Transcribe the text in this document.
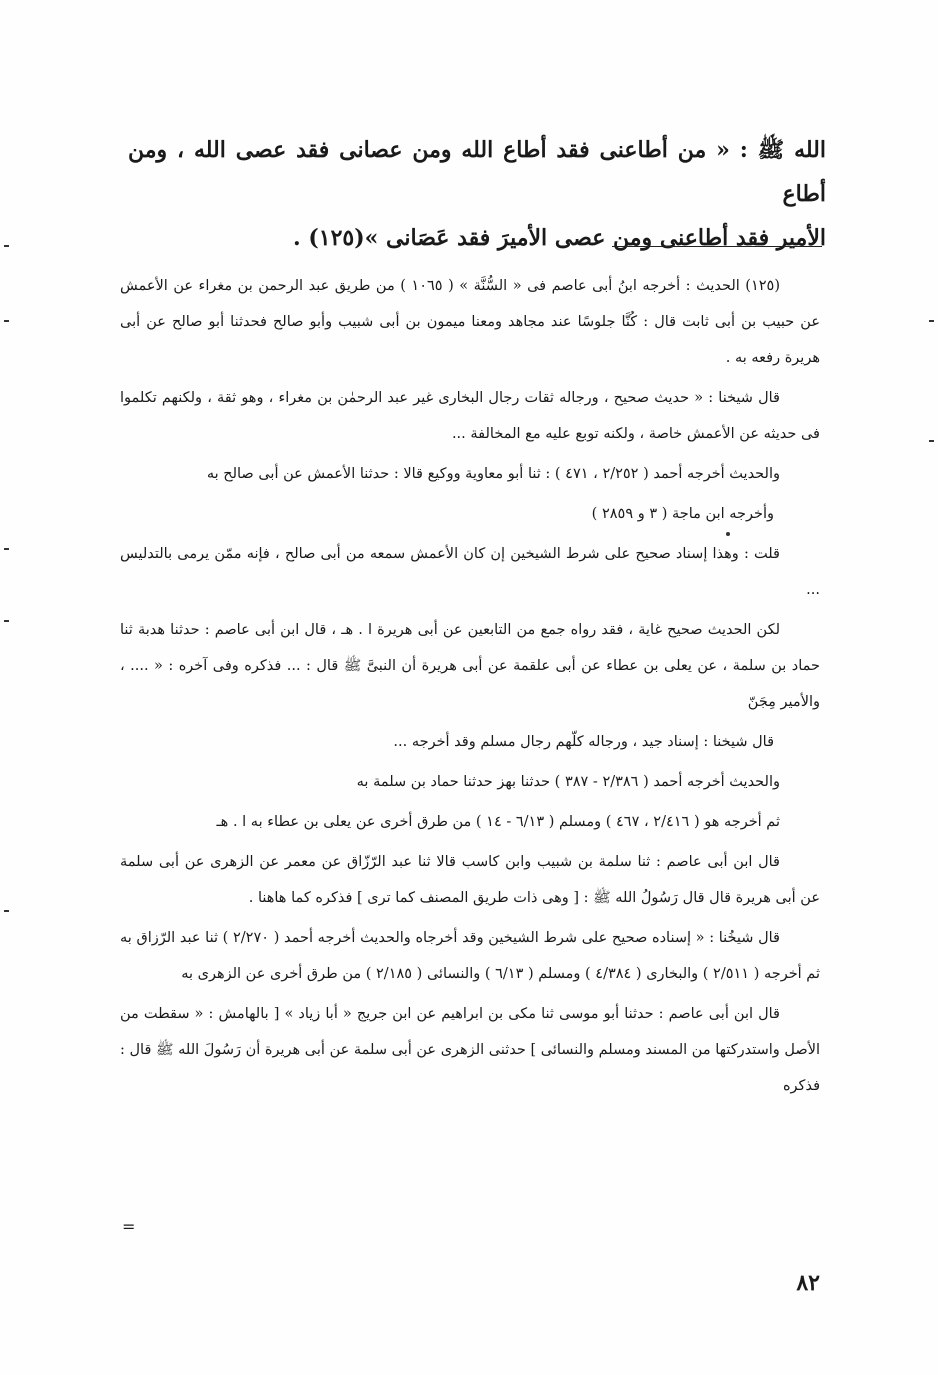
الله ﷺ : « من أطاعنى فقد أطاع الله ومن عصانى فقد عصى الله ، ومن أطاع

الأمير فقد أطاعنى ومن عصى الأميرَ فقد عَصَانى »(١٢٥) .

(١٢٥) الحديث : أخرجه ابنُ أبى عاصم فى « السُّنَّة » ( ١٠٦٥ ) من طريق عبد الرحمن بن مغراء عن الأعمش عن حبيب بن أبى ثابت قال : كُنَّا جلوسًا عند مجاهد ومعنا ميمون بن أبى شبيب وأبو صالح فحدثنا أبو صالح عن أبى هريرة رفعه به .

قال شيخنا : « حديث صحيح ، ورجاله ثقات رجال البخارى غير عبد الرحمٰن بن مغراء ، وهو ثقة ، ولكنهم تكلموا فى حديثه عن الأعمش خاصة ، ولكنه توبع عليه مع المخالفة ...

والحديث أخرجه أحمد ( ٢/٢٥٢ ، ٤٧١ ) : ثنا أبو معاوية ووكيع قالا : حدثنا الأعمش عن أبى صالح به

وأخرجه ابن ماجة ( ٣ و ٢٨٥٩ )

قلت : وهذا إسناد صحيح على شرط الشيخين إن كان الأعمش سمعه من أبى صالح ، فإنه ممّن يرمى بالتدليس ...

لكن الحديث صحيح غاية ، فقد رواه جمع من التابعين عن أبى هريرة ا . هـ ، قال ابن أبى عاصم : حدثنا هدبة ثنا حماد بن سلمة ، عن يعلى بن عطاء عن أبى علقمة عن أبى هريرة أن النبىَّ ﷺ قال : ... فذكره وفى آخره : « .... ، والأمير مِجَنّ

قال شيخنا : إسناد جيد ، ورجاله كلّهم رجال مسلم وقد أخرجه ...

والحديث أخرجه أحمد ( ٢/٣٨٦ - ٣٨٧ ) حدثنا بهز حدثنا حماد بن سلمة به

ثم أخرجه هو ( ٢/٤١٦ ، ٤٦٧ ) ومسلم ( ٦/١٣ - ١٤ ) من طرق أخرى عن يعلى بن عطاء به ا . هـ

قال ابن أبى عاصم : ثنا سلمة بن شبيب وابن كاسب قالا ثنا عبد الرّزّاق عن معمر عن الزهرى عن أبى سلمة عن أبى هريرة قال قال رَسُولُ الله ﷺ : [ وهى ذات طريق المصنف كما ترى ] فذكره كما هاهنا .

قال شيخُنا : « إسناده صحيح على شرط الشيخين وقد أخرجاه والحديث أخرجه أحمد ( ٢/٢٧٠ ) ثنا عبد الرّزاق به ثم أخرجه ( ٢/٥١١ ) والبخارى ( ٤/٣٨٤ ) ومسلم ( ٦/١٣ ) والنسائى ( ٢/١٨٥ ) من طرق أخرى عن الزهرى به

قال ابن أبى عاصم : حدثنا أبو موسى ثنا مكى بن ابراهيم عن ابن جريج « أبا زياد » [ بالهامش : « سقطت من الأصل واستدركتها من المسند ومسلم والنسائى ] حدثنى الزهرى عن أبى سلمة عن أبى هريرة أن رَسُولَ الله ﷺ قال : فذكره

=
٨٢
